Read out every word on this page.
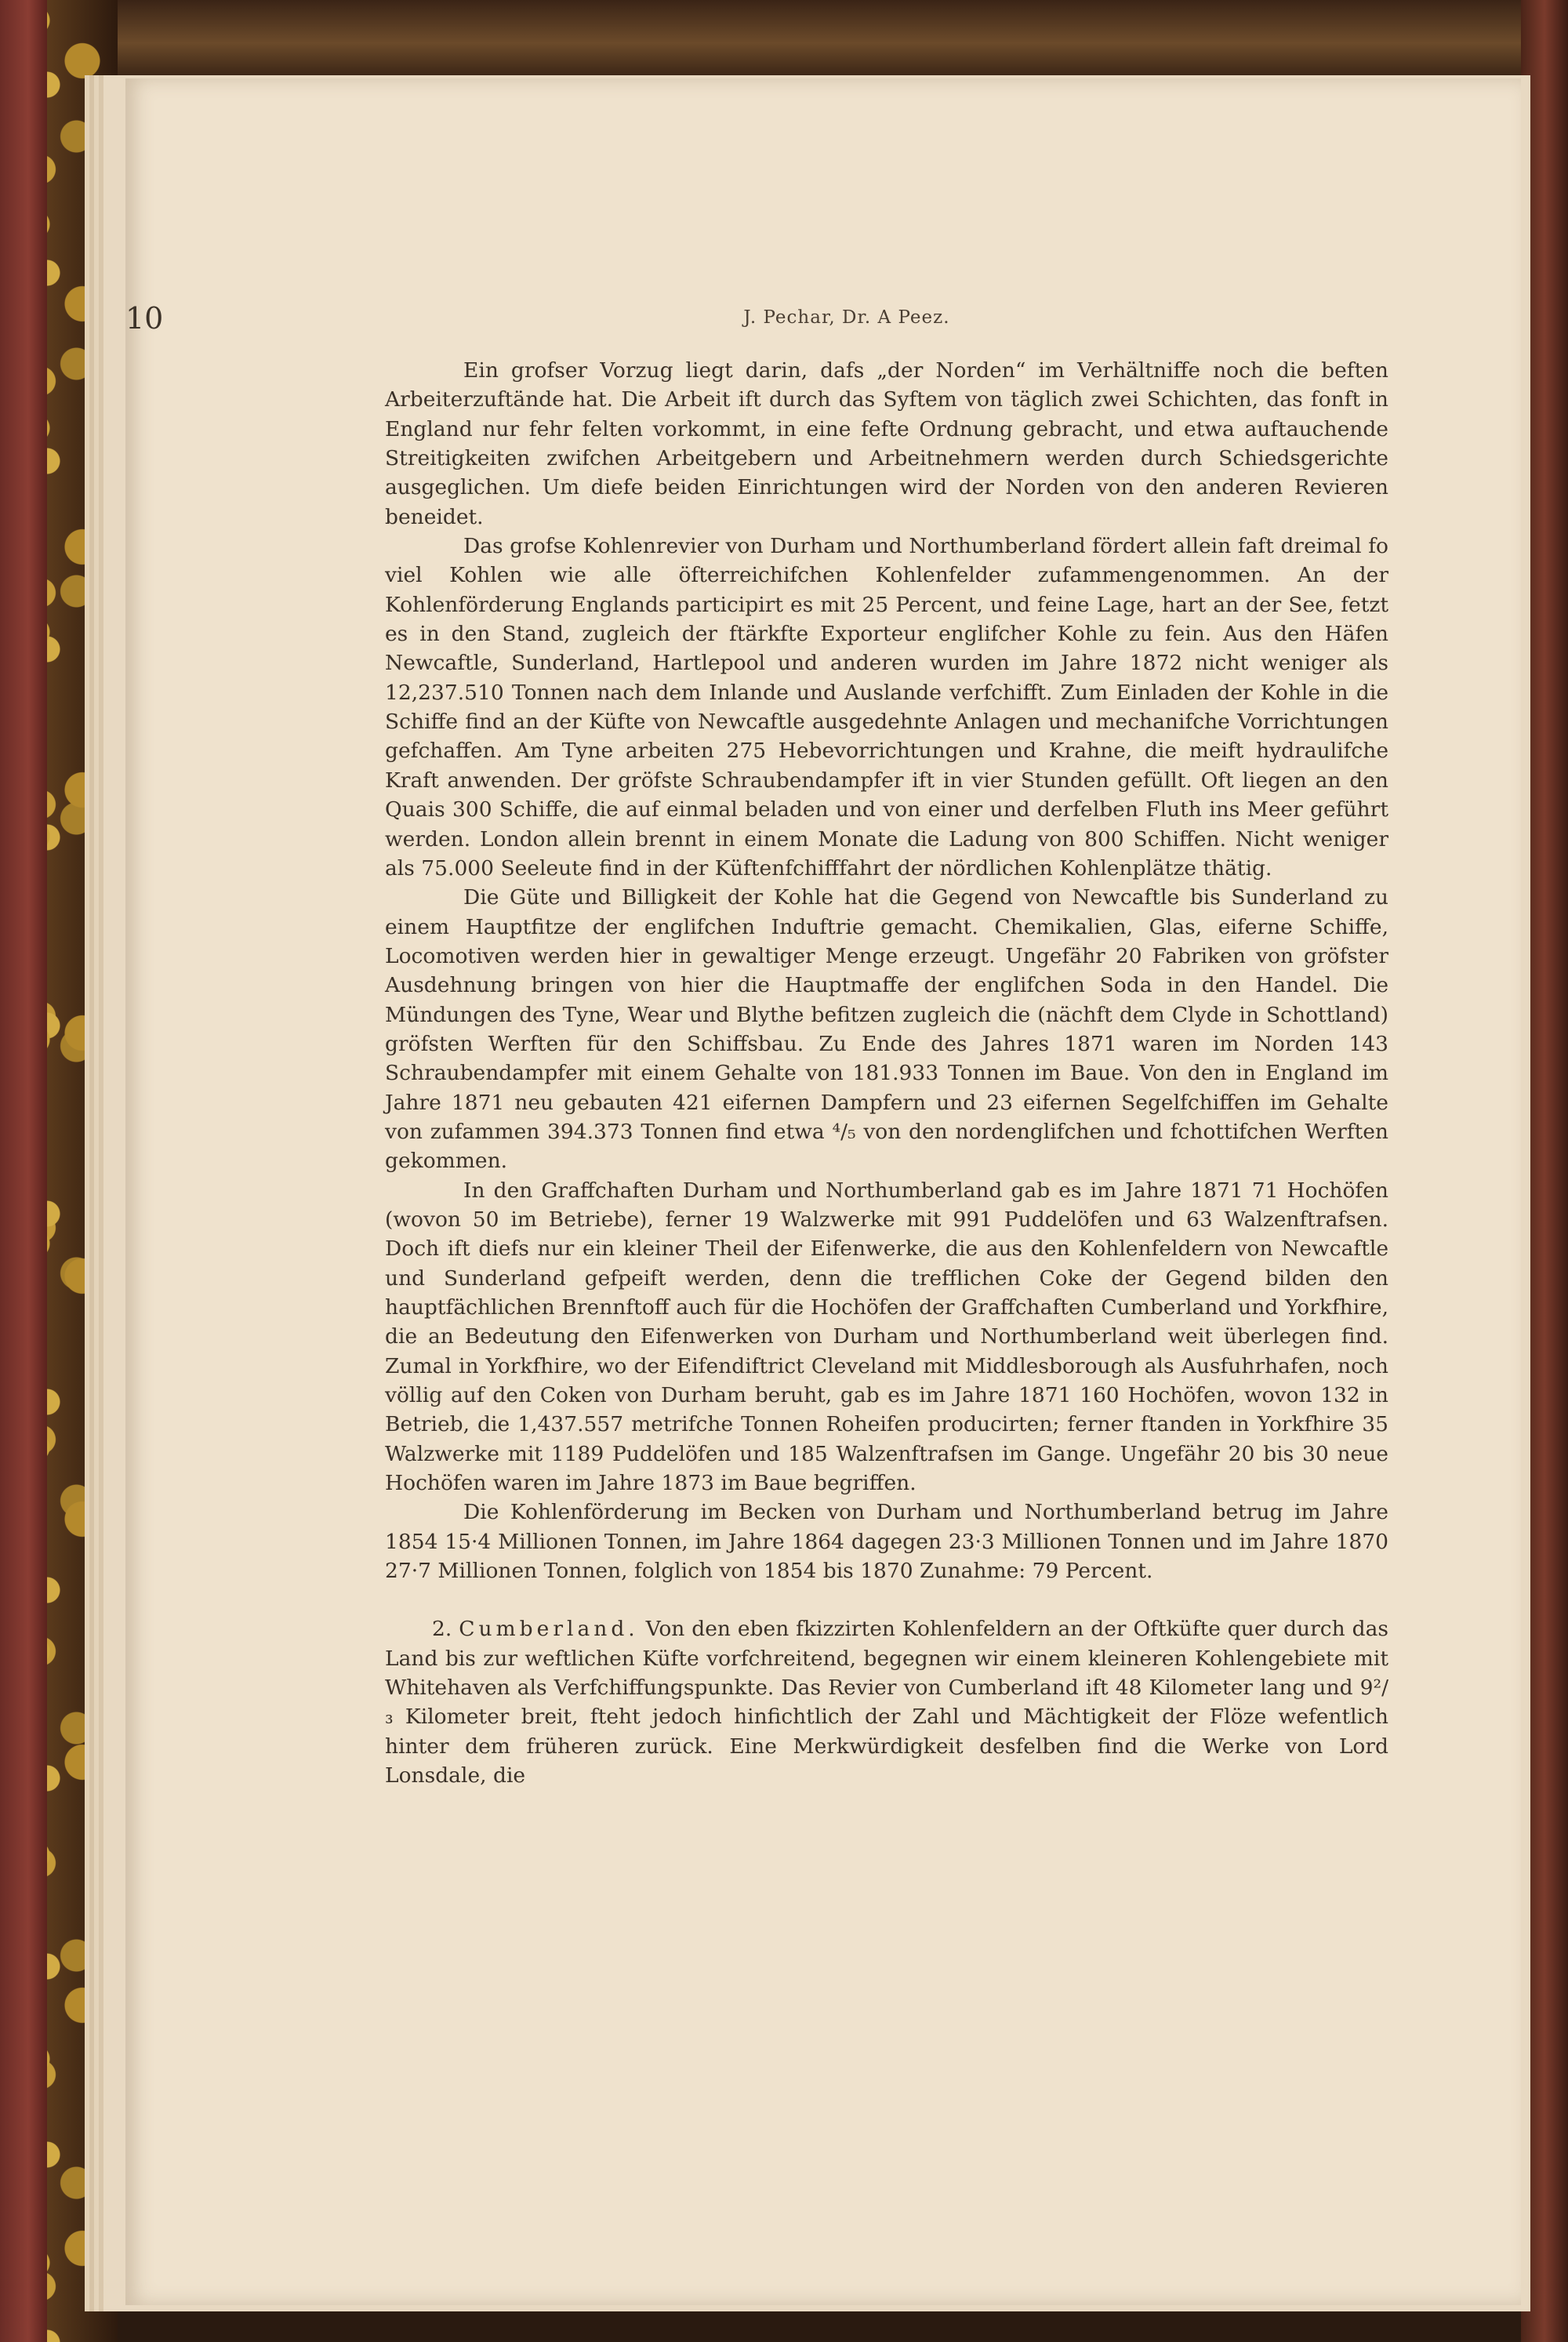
10	J. Pechar, Dr. A Peez.

Ein grofser Vorzug liegt darin, dafs „der Norden“ im Verhältniffe noch die beften Arbeiterzuftände hat. Die Arbeit ift durch das Syftem von täglich zwei Schichten, das fonft in England nur fehr felten vorkommt, in eine fefte Ordnung gebracht, und etwa auftauchende Streitigkeiten zwifchen Arbeitgebern und Arbeitnehmern werden durch Schiedsgerichte ausgeglichen. Um diefe beiden Einrichtungen wird der Norden von den anderen Revieren beneidet.

Das grofse Kohlenrevier von Durham und Northumberland fördert allein faft dreimal fo viel Kohlen wie alle öfterreichifchen Kohlenfelder zufammengenommen. An der Kohlenförderung Englands participirt es mit 25 Percent, und feine Lage, hart an der See, fetzt es in den Stand, zugleich der ftärkfte Exporteur englifcher Kohle zu fein. Aus den Häfen Newcaftle, Sunderland, Hartlepool und anderen wurden im Jahre 1872 nicht weniger als 12,237.510 Tonnen nach dem Inlande und Auslande verfchifft. Zum Einladen der Kohle in die Schiffe find an der Küfte von Newcaftle ausgedehnte Anlagen und mechanifche Vorrichtungen gefchaffen. Am Tyne arbeiten 275 Hebevorrichtungen und Krahne, die meift hydraulifche Kraft anwenden. Der gröfste Schraubendampfer ift in vier Stunden gefüllt. Oft liegen an den Quais 300 Schiffe, die auf einmal beladen und von einer und derfelben Fluth ins Meer geführt werden. London allein brennt in einem Monate die Ladung von 800 Schiffen. Nicht weniger als 75.000 Seeleute find in der Küftenfchifffahrt der nördlichen Kohlenplätze thätig.

Die Güte und Billigkeit der Kohle hat die Gegend von Newcaftle bis Sunderland zu einem Hauptfitze der englifchen Induftrie gemacht. Chemikalien, Glas, eiferne Schiffe, Locomotiven werden hier in gewaltiger Menge erzeugt. Ungefähr 20 Fabriken von gröfster Ausdehnung bringen von hier die Hauptmaffe der englifchen Soda in den Handel. Die Mündungen des Tyne, Wear und Blythe befitzen zugleich die (nächft dem Clyde in Schottland) gröfsten Werften für den Schiffsbau. Zu Ende des Jahres 1871 waren im Norden 143 Schraubendampfer mit einem Gehalte von 181.933 Tonnen im Baue. Von den in England im Jahre 1871 neu gebauten 421 eifernen Dampfern und 23 eifernen Segelfchiffen im Gehalte von zufammen 394.373 Tonnen find etwa ⁴/₅ von den nordenglifchen und fchottifchen Werften gekommen.

In den Graffchaften Durham und Northumberland gab es im Jahre 1871 71 Hochöfen (wovon 50 im Betriebe), ferner 19 Walzwerke mit 991 Puddelöfen und 63 Walzenftrafsen. Doch ift diefs nur ein kleiner Theil der Eifenwerke, die aus den Kohlenfeldern von Newcaftle und Sunderland gefpeift werden, denn die trefflichen Coke der Gegend bilden den hauptfächlichen Brennftoff auch für die Hochöfen der Graffchaften Cumberland und Yorkfhire, die an Bedeutung den Eifenwerken von Durham und Northumberland weit überlegen find. Zumal in Yorkfhire, wo der Eifendiftrict Cleveland mit Middlesborough als Ausfuhrhafen, noch völlig auf den Coken von Durham beruht, gab es im Jahre 1871 160 Hochöfen, wovon 132 in Betrieb, die 1,437.557 metrifche Tonnen Roheifen producirten; ferner ftanden in Yorkfhire 35 Walzwerke mit 1189 Puddelöfen und 185 Walzenftrafsen im Gange. Ungefähr 20 bis 30 neue Hochöfen waren im Jahre 1873 im Baue begriffen.

Die Kohlenförderung im Becken von Durham und Northumberland betrug im Jahre 1854 15·4 Millionen Tonnen, im Jahre 1864 dagegen 23·3 Millionen Tonnen und im Jahre 1870 27·7 Millionen Tonnen, folglich von 1854 bis 1870 Zunahme: 79 Percent.

2. Cumberland. Von den eben fkizzirten Kohlenfeldern an der Oftküfte quer durch das Land bis zur weftlichen Küfte vorfchreitend, begegnen wir einem kleineren Kohlengebiete mit Whitehaven als Verfchiffungspunkte. Das Revier von Cumberland ift 48 Kilometer lang und 9²/₃ Kilometer breit, fteht jedoch hinfichtlich der Zahl und Mächtigkeit der Flöze wefentlich hinter dem früheren zurück. Eine Merkwürdigkeit desfelben find die Werke von Lord Lonsdale, die
